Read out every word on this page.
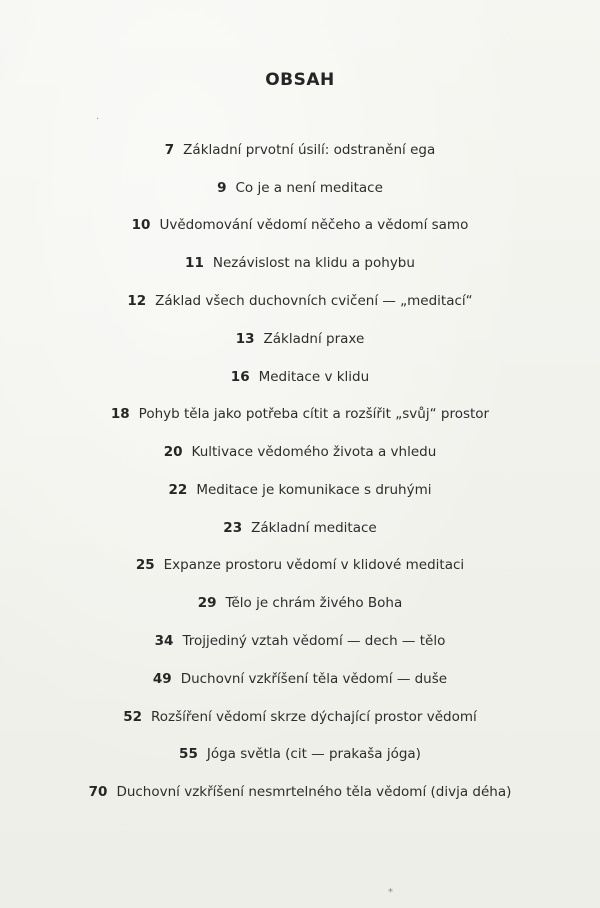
OBSAH
7 Základní prvotní úsilí: odstranění ega
9 Co je a není meditace
10 Uvědomování vědomí něčeho a vědomí samo
11 Nezávislost na klidu a pohybu
12 Základ všech duchovních cvičení — „meditací“
13 Základní praxe
16 Meditace v klidu
18 Pohyb těla jako potřeba cítit a rozšířit „svůj“ prostor
20 Kultivace vědomého života a vhledu
22 Meditace je komunikace s druhými
23 Základní meditace
25 Expanze prostoru vědomí v klidové meditaci
29 Tělo je chrám živého Boha
34 Trojjediný vztah vědomí — dech — tělo
49 Duchovní vzkříšení těla vědomí — duše
52 Rozšíření vědomí skrze dýchající prostor vědomí
55 Jóga světla (cit — prakaša jóga)
70 Duchovní vzkříšení nesmrtelného těla vědomí (divja déha)
·
⁎
